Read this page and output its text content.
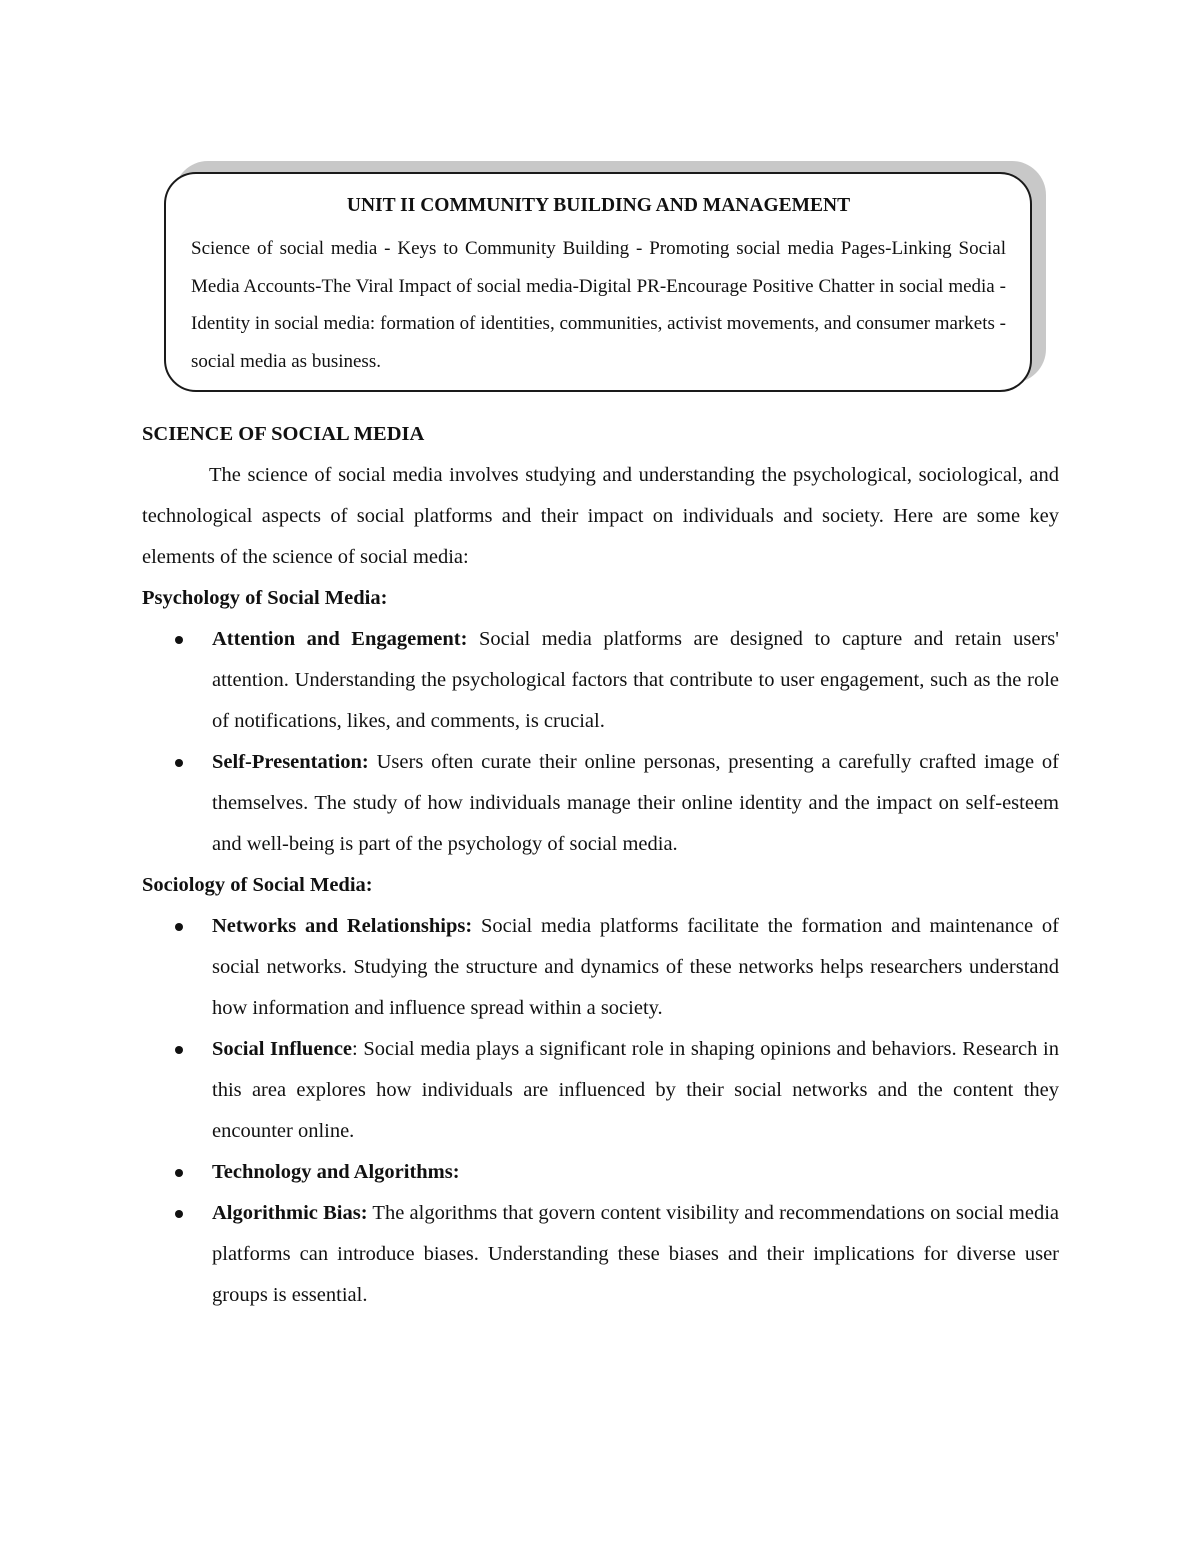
UNIT II COMMUNITY BUILDING AND MANAGEMENT

Science of social media - Keys to Community Building - Promoting social media Pages-Linking Social Media Accounts-The Viral Impact of social media-Digital PR-Encourage Positive Chatter in social media - Identity in social media: formation of identities, communities, activist movements, and consumer markets - social media as business.

SCIENCE OF SOCIAL MEDIA

The science of social media involves studying and understanding the psychological, sociological, and technological aspects of social platforms and their impact on individuals and society. Here are some key elements of the science of social media:

Psychology of Social Media:

Attention and Engagement: Social media platforms are designed to capture and retain users' attention. Understanding the psychological factors that contribute to user engagement, such as the role of notifications, likes, and comments, is crucial.
Self-Presentation: Users often curate their online personas, presenting a carefully crafted image of themselves. The study of how individuals manage their online identity and the impact on self-esteem and well-being is part of the psychology of social media.

Sociology of Social Media:

Networks and Relationships: Social media platforms facilitate the formation and maintenance of social networks. Studying the structure and dynamics of these networks helps researchers understand how information and influence spread within a society.
Social Influence: Social media plays a significant role in shaping opinions and behaviors. Research in this area explores how individuals are influenced by their social networks and the content they encounter online.
Technology and Algorithms:
Algorithmic Bias: The algorithms that govern content visibility and recommendations on social media platforms can introduce biases. Understanding these biases and their implications for diverse user groups is essential.
